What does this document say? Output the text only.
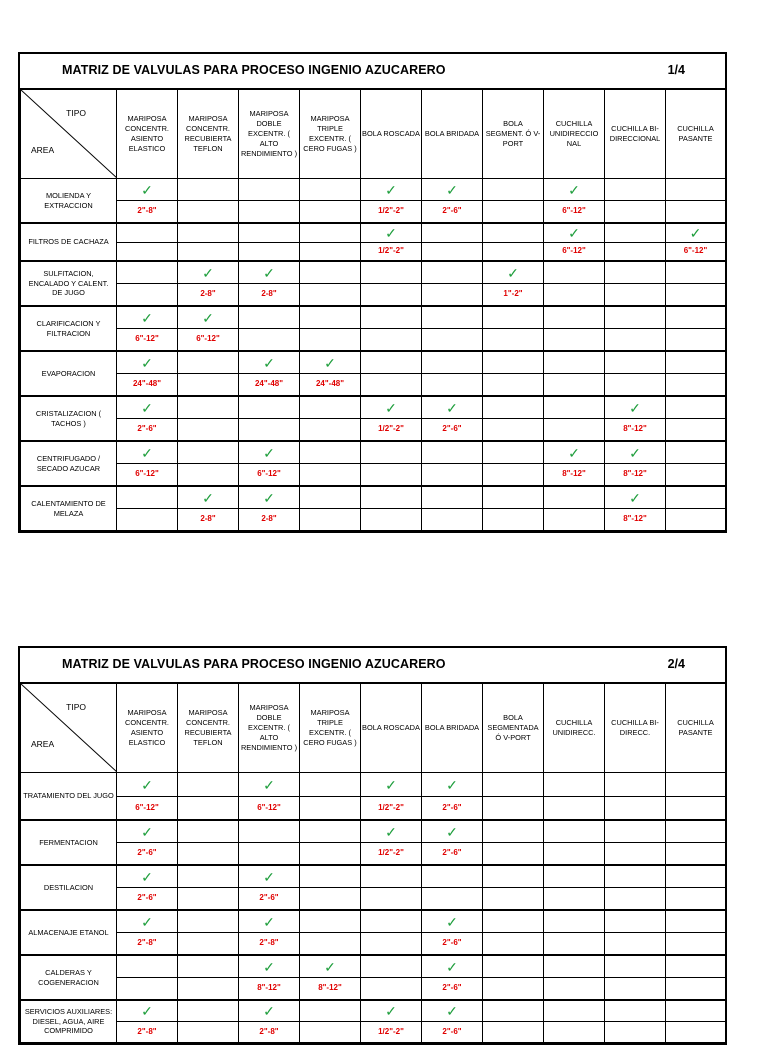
MATRIZ DE VALVULAS PARA PROCESO INGENIO AZUCARERO	1/4
TIPO
AREA	MARIPOSA CONCENTR. ASIENTO ELASTICO	MARIPOSA CONCENTR. RECUBIERTA TEFLON	MARIPOSA DOBLE EXCENTR. ( ALTO RENDIMIENTO )	MARIPOSA TRIPLE EXCENTR. ( CERO FUGAS )	BOLA ROSCADA	BOLA BRIDADA	BOLA SEGMENT. Ó V-PORT	CUCHILLA UNIDIRECCIO NAL	CUCHILLA BI-DIRECCIONAL	CUCHILLA PASANTE

MOLIENDA Y EXTRACCION	✓				✓	✓		✓		

	2"-8"				1/2"-2"	2"-6"		6"-12"		
FILTROS DE CACHAZA					✓			✓		✓

					1/2"-2"			6"-12"		6"-12"
SULFITACION, ENCALADO Y CALENT. DE JUGO		✓	✓				✓			

		2-8"	2-8"				1"-2"			
CLARIFICACION Y FILTRACION	✓	✓								

	6"-12"	6"-12"								
EVAPORACION	✓		✓	✓						

	24"-48"		24"-48"	24"-48"						
CRISTALIZACION ( TACHOS )	✓				✓	✓			✓	

	2"-6"				1/2"-2"	2"-6"			8"-12"	
CENTRIFUGADO / SECADO AZUCAR	✓		✓					✓	✓	

	6"-12"		6"-12"					8"-12"	8"-12"	
CALENTAMIENTO DE MELAZA		✓	✓						✓	

		2-8"	2-8"						8"-12"	
MATRIZ DE VALVULAS PARA PROCESO INGENIO AZUCARERO	2/4
TIPO
AREA	MARIPOSA CONCENTR. ASIENTO ELASTICO	MARIPOSA CONCENTR. RECUBIERTA TEFLON	MARIPOSA DOBLE EXCENTR. ( ALTO RENDIMIENTO )	MARIPOSA TRIPLE EXCENTR. ( CERO FUGAS )	BOLA ROSCADA	BOLA BRIDADA	BOLA SEGMENTADA Ó V-PORT	CUCHILLA UNIDIRECC.	CUCHILLA BI-DIRECC.	CUCHILLA PASANTE

TRATAMIENTO DEL JUGO	✓		✓		✓	✓				

	6"-12"		6"-12"		1/2"-2"	2"-6"				
FERMENTACION	✓				✓	✓				

	2"-6"				1/2"-2"	2"-6"				
DESTILACION	✓		✓							

	2"-6"		2"-6"							
ALMACENAJE ETANOL	✓		✓			✓				

	2"-8"		2"-8"			2"-6"				
CALDERAS Y COGENERACION			✓	✓		✓				

			8"-12"	8"-12"		2"-6"				
SERVICIOS AUXILIARES: DIESEL, AGUA, AIRE COMPRIMIDO	✓		✓		✓	✓				

	2"-8"		2"-8"		1/2"-2"	2"-6"				
